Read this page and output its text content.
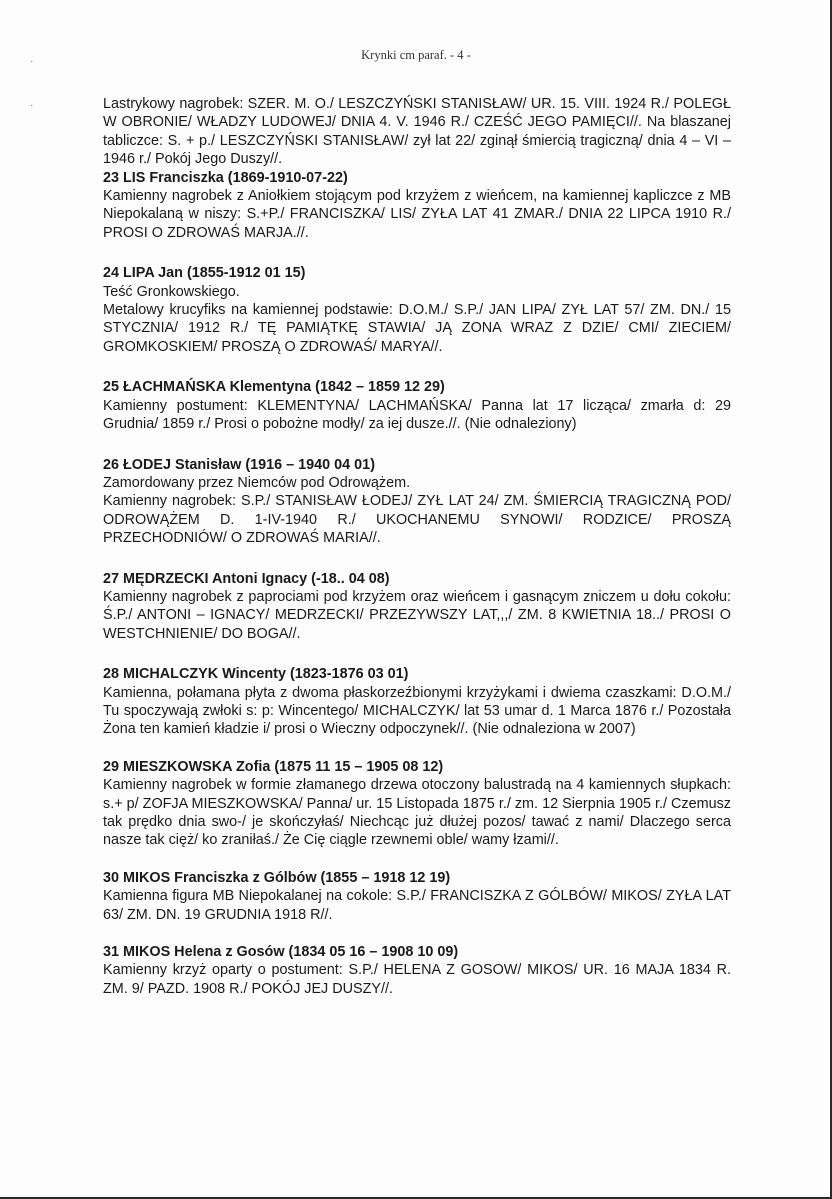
Krynki cm paraf. - 4 -
·
·	Lastrykowy nagrobek: SZER. M. O./ LESZCZYŃSKI STANISŁAW/ UR. 15. VIII. 1924 R./ POLEGŁ W OBRONIE/ WŁADZY LUDOWEJ/ DNIA 4. V. 1946 R./ CZEŚĆ JEGO PAMIĘCI//. Na blaszanej tabliczce: S. + p./ LESZCZYŃSKI STANISŁAW/ zył lat 22/ zginął śmiercią tragiczną/ dnia 4 – VI – 1946 r./ Pokój Jego Duszy//.

23 LIS Franciszka (1869-1910-07-22)

Kamienny nagrobek z Aniołkiem stojącym pod krzyżem z wieńcem, na kamiennej kapliczce z MB Niepokalaną w niszy: S.+P./ FRANCISZKA/ LIS/ ZYŁA LAT 41 ZMAR./ DNIA 22 LIPCA 1910 R./ PROSI O ZDROWAŚ MARJA.//.

24 LIPA Jan (1855-1912 01 15)

Teść Gronkowskiego.

Metalowy krucyfiks na kamiennej podstawie: D.O.M./ S.P./ JAN LIPA/ ZYŁ LAT 57/ ZM. DN./ 15 STYCZNIA/ 1912 R./ TĘ PAMIĄTKĘ STAWIA/ JĄ ZONA WRAZ Z DZIE/ CMI/ ZIECIEM/ GROMKOSKIEM/ PROSZĄ O ZDROWAŚ/ MARYA//.

25 ŁACHMAŃSKA Klementyna (1842 – 1859 12 29)

Kamienny postument: KLEMENTYNA/ LACHMAŃSKA/ Panna lat 17 licząca/ zmarła d: 29 Grudnia/ 1859 r./ Prosi o pobożne modły/ za iej dusze.//. (Nie odnaleziony)

26 ŁODEJ Stanisław (1916 – 1940 04 01)

Zamordowany przez Niemców pod Odrowążem.

Kamienny nagrobek: S.P./ STANISŁAW ŁODEJ/ ZYŁ LAT 24/ ZM. ŚMIERCIĄ TRAGICZNĄ POD/ ODROWĄŻEM D. 1-IV-1940 R./ UKOCHANEMU SYNOWI/ RODZICE/ PROSZĄ PRZECHODNIÓW/ O ZDROWAŚ MARIA//.

27 MĘDRZECKI Antoni Ignacy (-18.. 04 08)

Kamienny nagrobek z paprociami pod krzyżem oraz wieńcem i gasnącym zniczem u dołu cokołu: Ś.P./ ANTONI – IGNACY/ MEDRZECKI/ PRZEZYWSZY LAT,,,/ ZM. 8 KWIETNIA 18../ PROSI O WESTCHNIENIE/ DO BOGA//.

28 MICHALCZYK Wincenty (1823-1876 03 01)

Kamienna, połamana płyta z dwoma płaskorzeźbionymi krzyżykami i dwiema czaszkami: D.O.M./ Tu spoczywają zwłoki s: p: Wincentego/ MICHALCZYK/ lat 53 umar d. 1 Marca 1876 r./ Pozostała Żona ten kamień kładzie i/ prosi o Wieczny odpoczynek//. (Nie odnaleziona w 2007)

29 MIESZKOWSKA Zofia (1875 11 15 – 1905 08 12)

Kamienny nagrobek w formie złamanego drzewa otoczony balustradą na 4 kamiennych słupkach: s.+ p/ ZOFJA MIESZKOWSKA/ Panna/ ur. 15 Listopada 1875 r./ zm. 12 Sierpnia 1905 r./ Czemusz tak prędko dnia swo-/ je skończyłaś/ Niechcąc już dłużej pozos/ tawać z nami/ Dlaczego serca nasze tak cięż/ ko zraniłaś./ Że Cię ciągle rzewnemi oble/ wamy łzami//.

30 MIKOS Franciszka z Gólbów (1855 – 1918 12 19)

Kamienna figura MB Niepokalanej na cokole: S.P./ FRANCISZKA Z GÓLBÓW/ MIKOS/ ZYŁA LAT 63/ ZM. DN. 19 GRUDNIA 1918 R//.

31 MIKOS Helena z Gosów (1834 05 16 – 1908 10 09)

Kamienny krzyż oparty o postument: S.P./ HELENA Z GOSOW/ MIKOS/ UR. 16 MAJA 1834 R. ZM. 9/ PAZD. 1908 R./ POKÓJ JEJ DUSZY//.
